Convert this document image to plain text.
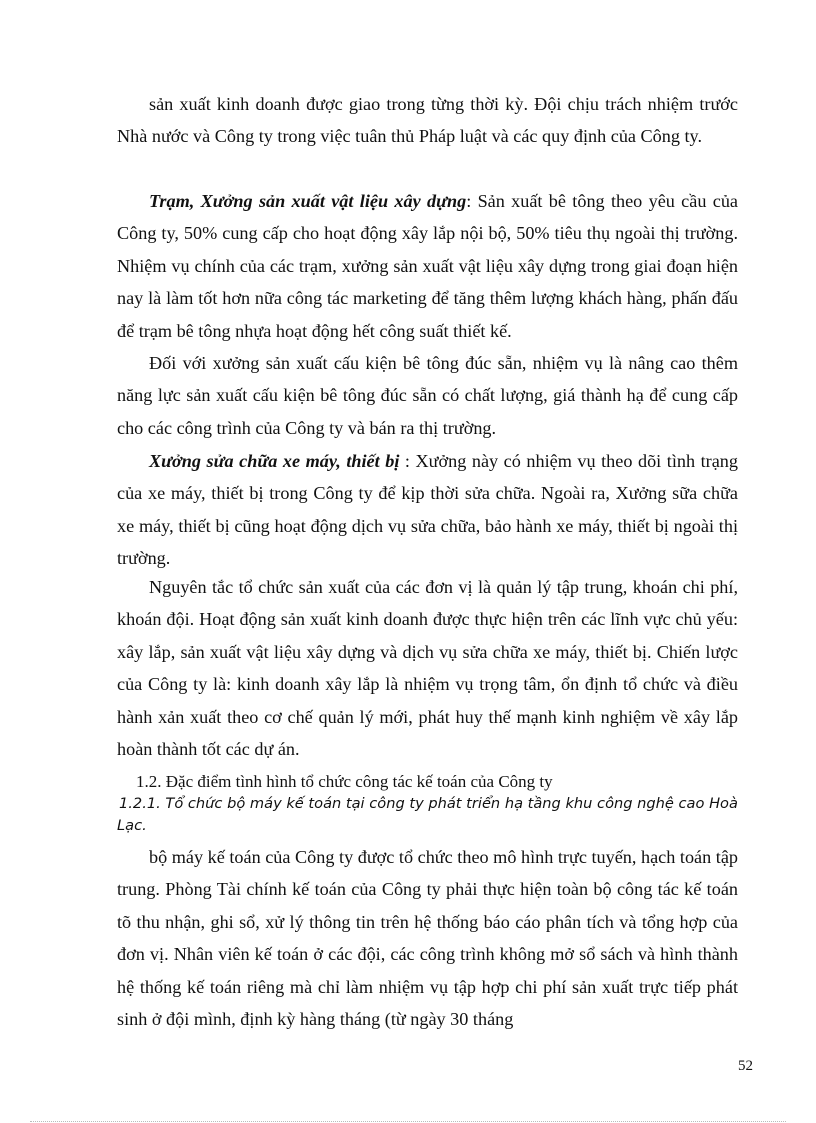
sản xuất kinh doanh được giao trong từng thời kỳ. Đội chịu trách nhiệm trước Nhà nước và Công ty trong việc tuân thủ Pháp luật và các quy định của Công ty.

Trạm, Xưởng sản xuất vật liệu xây dựng: Sản xuất bê tông theo yêu cầu của Công ty, 50% cung cấp cho hoạt động xây lắp nội bộ, 50% tiêu thụ ngoài thị trường. Nhiệm vụ chính của các trạm, xưởng sản xuất vật liệu xây dựng trong giai đoạn hiện nay là làm tốt hơn nữa công tác marketing để tăng thêm lượng khách hàng, phấn đấu để trạm bê tông nhựa hoạt động hết công suất thiết kế.

Đối với xưởng sản xuất cấu kiện bê tông đúc sẵn, nhiệm vụ là nâng cao thêm năng lực sản xuất cấu kiện bê tông đúc sẵn có chất lượng, giá thành hạ để cung cấp cho các công trình của Công ty và bán ra thị trường.

Xưởng sửa chữa xe máy, thiết bị : Xưởng này có nhiệm vụ theo dõi tình trạng của xe máy, thiết bị trong Công ty để kịp thời sửa chữa. Ngoài ra, Xưởng sữa chữa xe máy, thiết bị cũng hoạt động dịch vụ sửa chữa, bảo hành xe máy, thiết bị ngoài thị trường.

Nguyên tắc tổ chức sản xuất của các đơn vị là quản lý tập trung, khoán chi phí, khoán đội. Hoạt động sản xuất kinh doanh được thực hiện trên các lĩnh vực chủ yếu: xây lắp, sản xuất vật liệu xây dựng và dịch vụ sửa chữa xe máy, thiết bị. Chiến lược của Công ty là: kinh doanh xây lắp là nhiệm vụ trọng tâm, ổn định tổ chức và điều hành xản xuất theo cơ chế quản lý mới, phát huy thế mạnh kinh nghiệm về xây lắp hoàn thành tốt các dự án.

1.2. Đặc điểm tình hình tổ chức công tác kế toán của Công ty

1.2.1. Tổ chức bộ máy kế toán tại công ty phát triển hạ tầng khu công nghệ cao Hoà Lạc.

bộ máy kế toán của Công ty được tổ chức theo mô hình trực tuyến, hạch toán tập trung. Phòng Tài chính kế toán của Công ty phải thực hiện toàn bộ công tác kế toán tõ thu nhận, ghi sổ, xử lý thông tin trên hệ thống báo cáo phân tích và tổng hợp của đơn vị. Nhân viên kế toán ở các đội, các công trình không mở sổ sách và hình thành hệ thống kế toán riêng mà chỉ làm nhiệm vụ tập hợp chi phí sản xuất trực tiếp phát sinh ở đội mình, định kỳ hàng tháng (từ ngày 30 tháng

52
